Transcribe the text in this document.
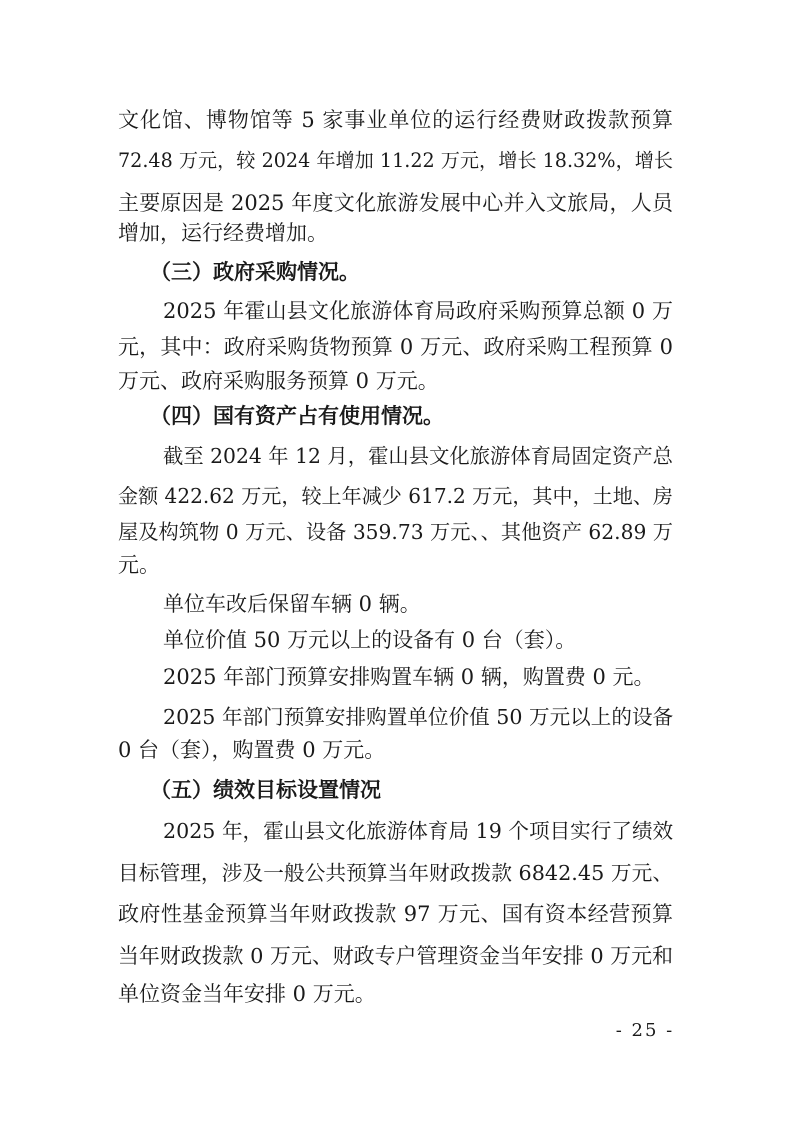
文化馆、博物馆等 5 家事业单位的运行经费财政拨款预算
72.48 万元，较 2024 年增加 11.22 万元，增长 18.32%，增长
主要原因是 2025 年度文化旅游发展中心并入文旅局，人员
增加，运行经费增加。
（三）政府采购情况。
2025 年霍山县文化旅游体育局政府采购预算总额 0 万
元，其中：政府采购货物预算 0 万元、政府采购工程预算 0
万元、政府采购服务预算 0 万元。
（四）国有资产占有使用情况。
截至 2024 年 12 月，霍山县文化旅游体育局固定资产总
金额 422.62 万元，较上年减少 617.2 万元，其中，土地、房
屋及构筑物 0 万元、设备 359.73 万元、、其他资产 62.89 万
元。
单位车改后保留车辆 0 辆。
单位价值 50 万元以上的设备有 0 台（套）。
2025 年部门预算安排购置车辆 0 辆，购置费 0 元。
2025 年部门预算安排购置单位价值 50 万元以上的设备
0 台（套），购置费 0 万元。
（五）绩效目标设置情况
2025 年，霍山县文化旅游体育局 19 个项目实行了绩效
目标管理，涉及一般公共预算当年财政拨款 6842.45 万元、
政府性基金预算当年财政拨款 97 万元、国有资本经营预算
当年财政拨款 0 万元、财政专户管理资金当年安排 0 万元和
单位资金当年安排 0 万元。
- 25 -
